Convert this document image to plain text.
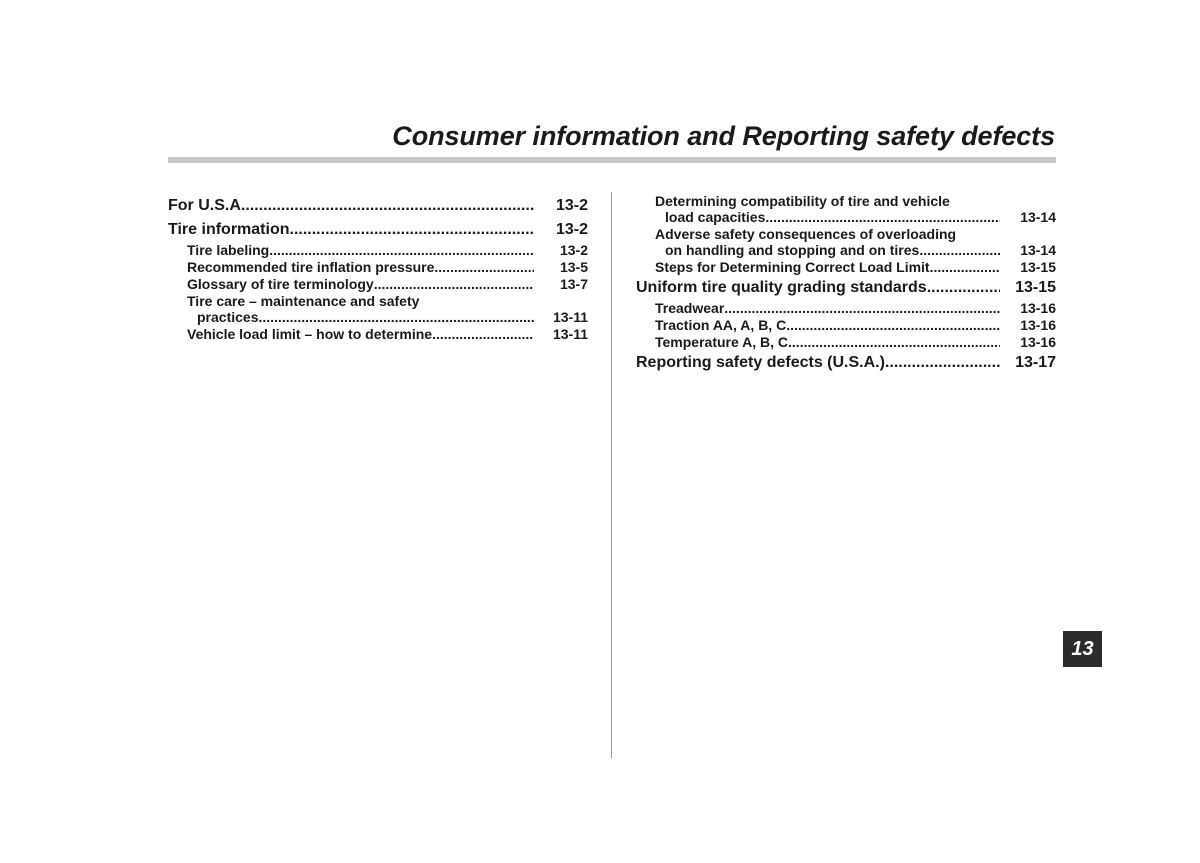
Consumer information and Reporting safety defects
For U.S.A. .....	13-2
Tire information .....	13-2
Tire labeling .....	13-2
Recommended tire inflation pressure .....	13-5
Glossary of tire terminology .....	13-7
Tire care – maintenance and safety
practices .....	13-11
Vehicle load limit – how to determine .....	13-11
Determining compatibility of tire and vehicle
load capacities .....	13-14
Adverse safety consequences of overloading
on handling and stopping and on tires .....	13-14
Steps for Determining Correct Load Limit .....	13-15
Uniform tire quality grading standards .....	13-15
Treadwear .....	13-16
Traction AA, A, B, C .....	13-16
Temperature A, B, C .....	13-16
Reporting safety defects (U.S.A.) .....	13-17
13
